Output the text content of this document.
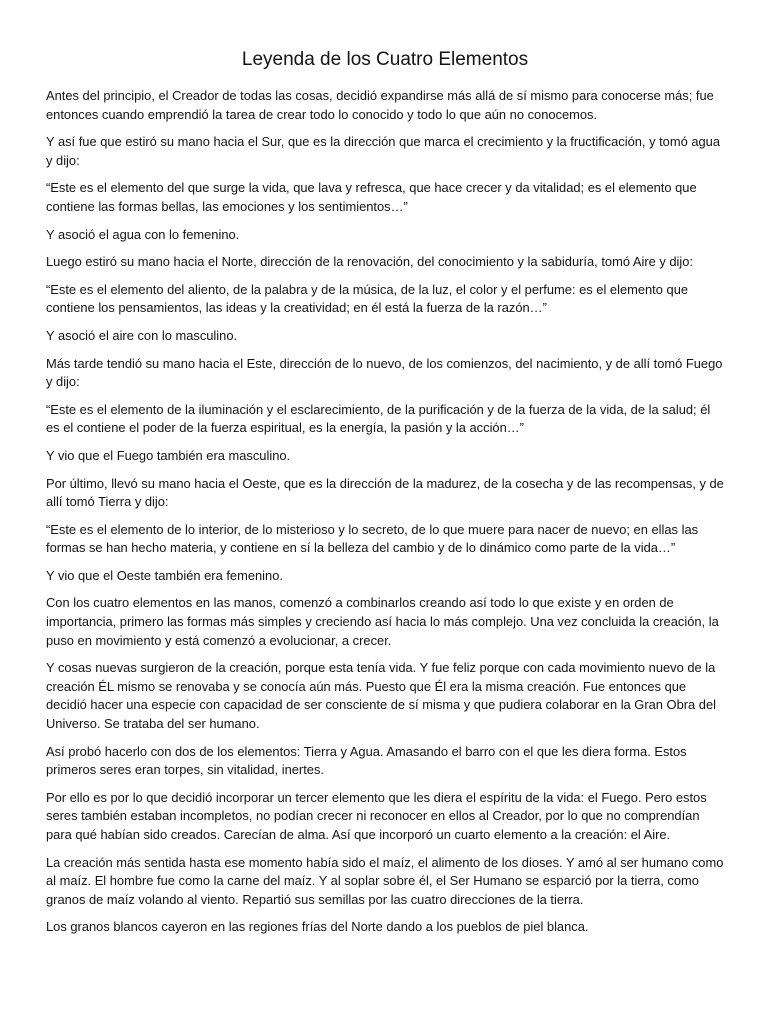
Leyenda de los Cuatro Elementos

Antes del principio, el Creador de todas las cosas, decidió expandirse más allá de sí mismo para conocerse más; fue entonces cuando emprendió la tarea de crear todo lo conocido y todo lo que aún no conocemos.

Y así fue que estiró su mano hacia el Sur, que es la dirección que marca el crecimiento y la fructificación, y tomó agua y dijo:

“Este es el elemento del que surge la vida, que lava y refresca, que hace crecer y da vitalidad; es el elemento que contiene las formas bellas, las emociones y los sentimientos…”

Y asoció el agua con lo femenino.

Luego estiró su mano hacia el Norte, dirección de la renovación, del conocimiento y la sabiduría, tomó Aire y dijo:

“Este es el elemento del aliento, de la palabra y de la música, de la luz, el color y el perfume: es el elemento que contiene los pensamientos, las ideas y la creatividad; en él está la fuerza de la razón…”

Y asoció el aire con lo masculino.

Más tarde tendió su mano hacia el Este, dirección de lo nuevo, de los comienzos, del nacimiento, y de allí tomó Fuego y dijo:

“Este es el elemento de la iluminación y el esclarecimiento, de la purificación y de la fuerza de la vida, de la salud; él es el contiene el poder de la fuerza espiritual, es la energía, la pasión y la acción…”

Y vio que el Fuego también era masculino.

Por último, llevó su mano hacia el Oeste, que es la dirección de la madurez, de la cosecha y de las recompensas, y de allí tomó Tierra y dijo:

“Este es el elemento de lo interior, de lo misterioso y lo secreto, de lo que muere para nacer de nuevo; en ellas las formas se han hecho materia, y contiene en sí la belleza del cambio y de lo dinámico como parte de la vida…”

Y vio que el Oeste también era femenino.

Con los cuatro elementos en las manos, comenzó a combinarlos creando así todo lo que existe y en orden de importancia, primero las formas más simples y creciendo así hacia lo más complejo. Una vez concluida la creación, la puso en movimiento y está comenzó a evolucionar, a crecer.

Y cosas nuevas surgieron de la creación, porque esta tenía vida. Y fue feliz porque con cada movimiento nuevo de la creación ÉL mismo se renovaba y se conocía aún más. Puesto que Él era la misma creación. Fue entonces que decidió hacer una especie con capacidad de ser consciente de sí misma y que pudiera colaborar en la Gran Obra del Universo. Se trataba del ser humano.

Así probó hacerlo con dos de los elementos: Tierra y Agua. Amasando el barro con el que les diera forma. Estos primeros seres eran torpes, sin vitalidad, inertes.

Por ello es por lo que decidió incorporar un tercer elemento que les diera el espíritu de la vida: el Fuego. Pero estos seres también estaban incompletos, no podían crecer ni reconocer en ellos al Creador, por lo que no comprendían para qué habían sido creados. Carecían de alma. Así que incorporó un cuarto elemento a la creación: el Aire.

La creación más sentida hasta ese momento había sido el maíz, el alimento de los dioses. Y amó al ser humano como al maíz. El hombre fue como la carne del maíz. Y al soplar sobre él, el Ser Humano se esparció por la tierra, como granos de maíz volando al viento. Repartió sus semillas por las cuatro direcciones de la tierra.

Los granos blancos cayeron en las regiones frías del Norte dando a los pueblos de piel blanca.
